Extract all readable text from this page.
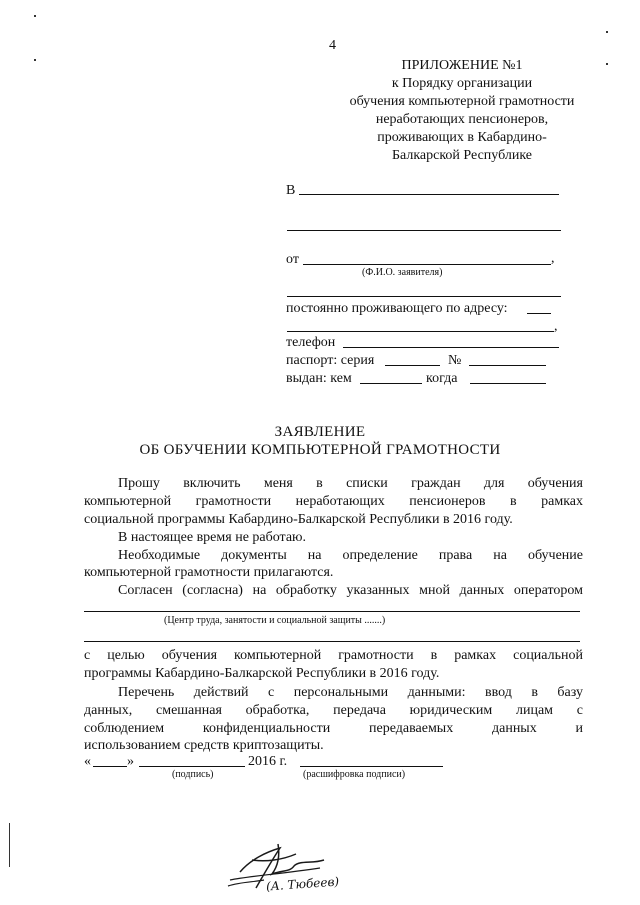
4
ПРИЛОЖЕНИЕ №1
к Порядку организации
обучения компьютерной грамотности
неработающих пенсионеров,
проживающих в Кабардино-
Балкарской Республике
В
от	,
(Ф.И.О. заявителя)
постоянно проживающего по адресу:
,
телефон
паспорт: серия	№
выдан: кем	когда
ЗАЯВЛЕНИЕ
ОБ ОБУЧЕНИИ КОМПЬЮТЕРНОЙ ГРАМОТНОСТИ
Прошу включить меня в списки граждан для обучения
компьютерной грамотности неработающих пенсионеров в рамках
социальной программы Кабардино-Балкарской Республики в 2016 году.
В настоящее время не работаю.
Необходимые документы на определение права на обучение
компьютерной грамотности прилагаются.
Согласен (согласна) на обработку указанных мной данных оператором
(Центр труда, занятости и социальной защиты .......)
с целью обучения компьютерной грамотности в рамках социальной
программы Кабардино-Балкарской Республики в 2016 году.
Перечень действий с персональными данными: ввод в базу
данных, смешанная обработка, передача юридическим лицам с
соблюдением конфиденциальности передаваемых данных и
использованием средств криптозащиты.
«	»	2016 г.
(подпись)	(расшифровка подписи)
(А. Тюбеев)
